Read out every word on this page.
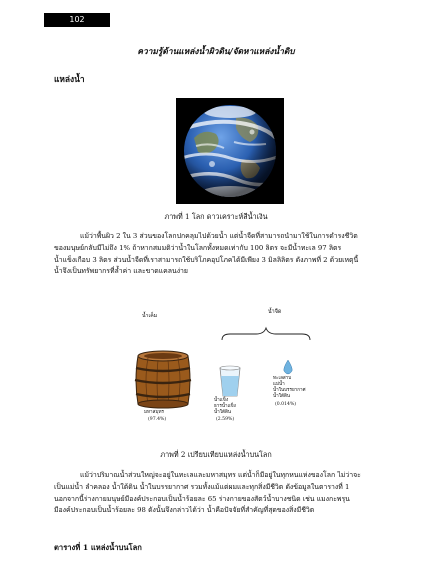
102
ความรู้ด้านแหล่งน้ำผิวดิน/จัดหาแหล่งน้ำดิบ
แหล่งน้ำ
ภาพที่ 1 โลก ดาวเคราะห์สีน้ำเงิน
แม้ว่าพื้นผิว 2 ใน 3 ส่วนของโลกปกคลุมไปด้วยน้ำ แต่น้ำจืดที่สามารถนำมาใช้ในการดำรงชีวิต
ของมนุษย์กลับมีไม่ถึง 1% ถ้าหากสมมติว่าน้ำในโลกทั้งหมดเท่ากับ 100 ลิตร จะมีน้ำทะเล 97 ลิตร
น้ำแข็งเกือบ 3 ลิตร ส่วนน้ำจืดที่เราสามารถใช้บริโภคอุปโภคได้มีเพียง 3 มิลลิลิตร ดังภาพที่ 2 ด้วยเหตุนี้
น้ำจึงเป็นทรัพยากรที่ล้ำค่า และขาดแคลนง่าย
น้ำเค็ม
น้ำจืด
มหาสมุทร
(97.4%)
น้ำแข็ง
ธารน้ำแข็ง
น้ำใต้ดิน
(2.59%)
ทะเลสาบ
แม่น้ำ
น้ำในบรรยากาศ
น้ำใต้ดิน
(0.014%)
ภาพที่ 2 เปรียบเทียบแหล่งน้ำบนโลก
แม้ว่าปริมาณน้ำส่วนใหญ่จะอยู่ในทะเลและมหาสมุทร แต่น้ำก็มีอยู่ในทุกหนแห่งของโลก ไม่ว่าจะ
เป็นแม่น้ำ ลำคลอง น้ำใต้ดิน น้ำในบรรยากาศ รวมทั้งแม้แต่ผมและทุกสิ่งมีชีวิต ดังข้อมูลในตารางที่ 1
นอกจากนี้ร่างกายมนุษย์มีองค์ประกอบเป็นน้ำร้อยละ 65 ร่างกายของสัตว์น้ำบางชนิด เช่น แมงกะพรุน
มีองค์ประกอบเป็นน้ำร้อยละ 98 ดังนั้นจึงกล่าวได้ว่า น้ำคือปัจจัยที่สำคัญที่สุดของสิ่งมีชีวิต
ตารางที่ 1 แหล่งน้ำบนโลก
